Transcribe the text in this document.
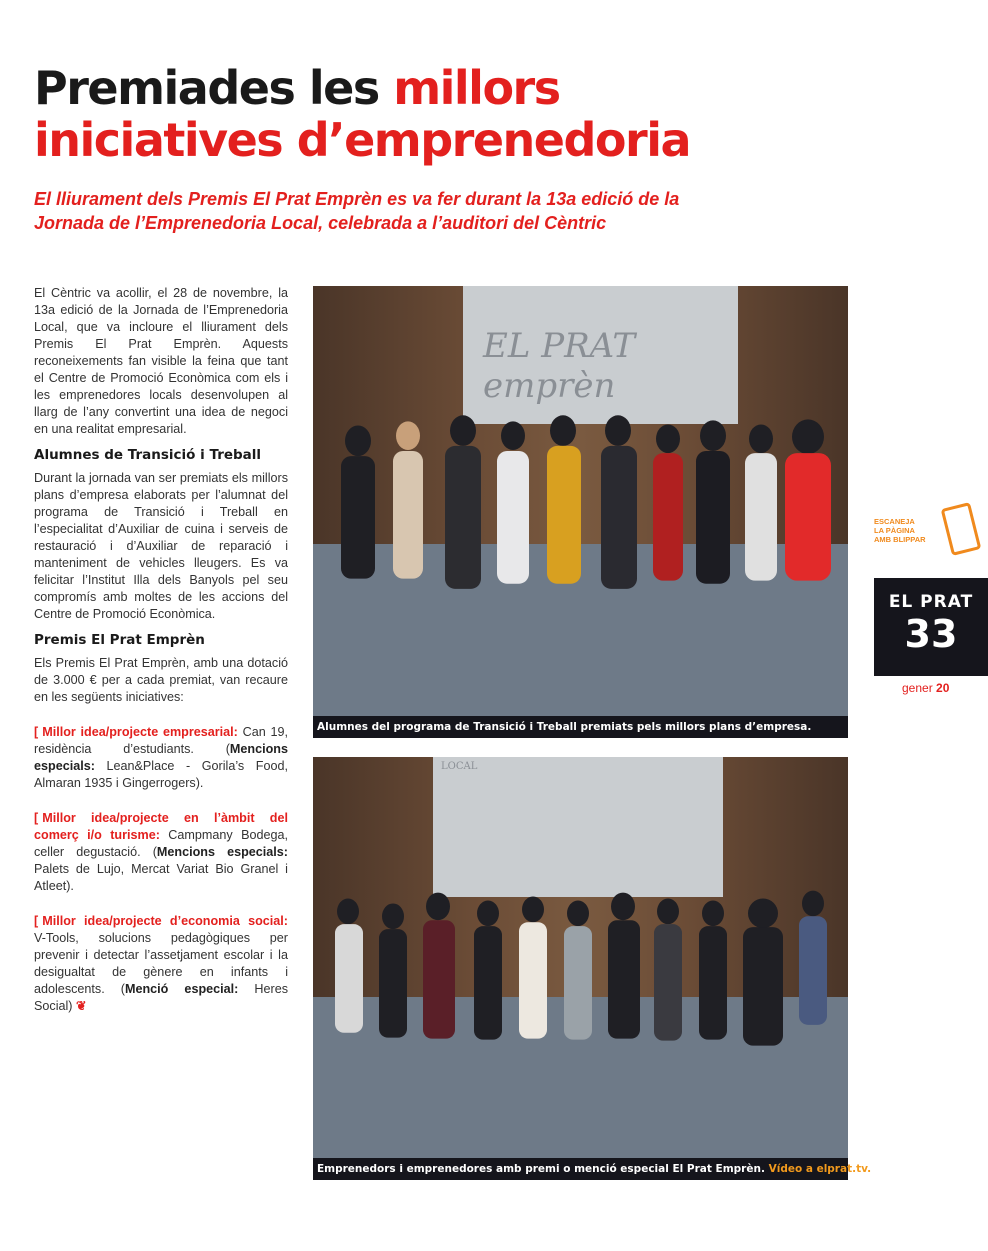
Premiades les millors
iniciatives d’emprenedoria

El lliurament dels Premis El Prat Emprèn es va fer durant la 13a edició de la Jornada de l’Emprenedoria Local, celebrada a l’auditori del Cèntric

El Cèntric va acollir, el 28 de novembre, la 13a edició de la Jornada de l’Emprenedoria Local, que va incloure el lliurament dels Premis El Prat Emprèn. Aquests reconeixements fan visible la feina que tant el Centre de Promoció Econòmica com els i les emprenedores locals desenvolupen al llarg de l’any convertint una idea de negoci en una realitat empresarial.

Alumnes de Transició i Treball

Durant la jornada van ser premiats els millors plans d’empresa elaborats per l’alumnat del programa de Transició i Treball en l’especialitat d’Auxiliar de cuina i serveis de restauració i d’Auxiliar de reparació i manteniment de vehicles lleugers. Es va felicitar l’Institut Illa dels Banyols pel seu compromís amb moltes de les accions del Centre de Promoció Econòmica.

Premis El Prat Emprèn

Els Premis El Prat Emprèn, amb una dotació de 3.000 € per a cada premiat, van recaure en les següents iniciatives:

[ Millor idea/projecte empresarial: Can 19, residència d’estudiants. (Mencions especials: Lean&Place - Gorila’s Food, Almaran 1935 i Gingerrogers).

[ Millor idea/projecte en l’àmbit del comerç i/o turisme: Campmany Bodega, celler degustació. (Mencions especials: Palets de Lujo, Mercat Variat Bio Granel i Atleet).

[ Millor idea/projecte d’economia social: V-Tools, solucions pedagògiques per prevenir i detectar l’assetjament escolar i la desigualtat de gènere en infants i adolescents. (Menció especial: Heres Social) ❦

EL PRAT emprèn
Alumnes del programa de Transició i Treball premiats pels millors plans d’empresa.
LOCAL
Emprenedors i emprenedores amb premi o menció especial El Prat Emprèn. Vídeo a elprat.tv.
ESCANEJA
LA PÀGINA
AMB BLIPPAR
EL PRAT
33
gener 20
